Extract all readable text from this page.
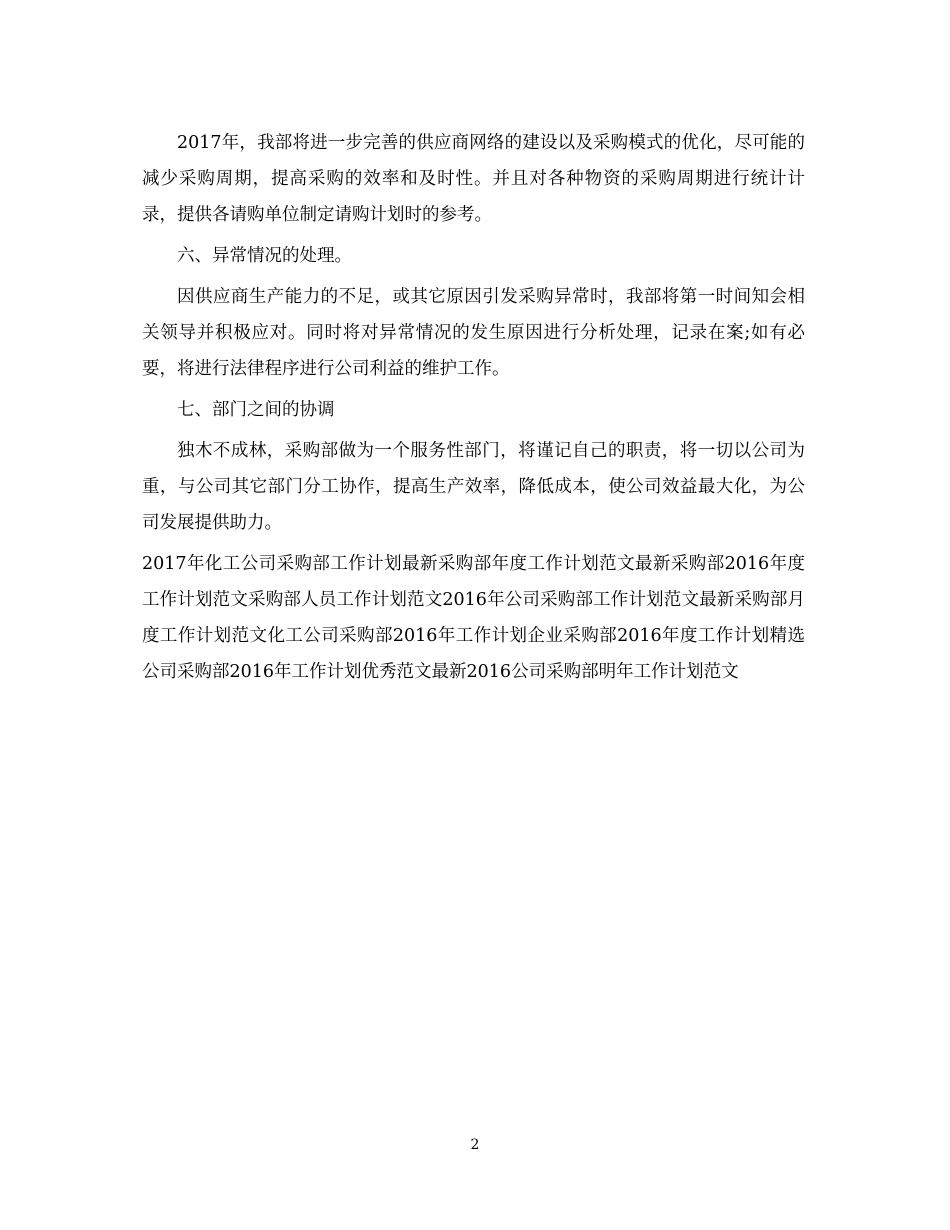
2017年，我部将进一步完善的供应商网络的建设以及采购模式的优化，尽可能的减少采购周期，提高采购的效率和及时性。并且对各种物资的采购周期进行统计计录，提供各请购单位制定请购计划时的参考。

六、异常情况的处理。

因供应商生产能力的不足，或其它原因引发采购异常时，我部将第一时间知会相关领导并积极应对。同时将对异常情况的发生原因进行分析处理，记录在案;如有必要，将进行法律程序进行公司利益的维护工作。

七、部门之间的协调

独木不成林，采购部做为一个服务性部门，将谨记自己的职责，将一切以公司为重，与公司其它部门分工协作，提高生产效率，降低成本，使公司效益最大化，为公司发展提供助力。

2017年化工公司采购部工作计划最新采购部年度工作计划范文最新采购部2016年度工作计划范文采购部人员工作计划范文2016年公司采购部工作计划范文最新采购部月度工作计划范文化工公司采购部2016年工作计划企业采购部2016年度工作计划精选公司采购部2016年工作计划优秀范文最新2016公司采购部明年工作计划范文

2
